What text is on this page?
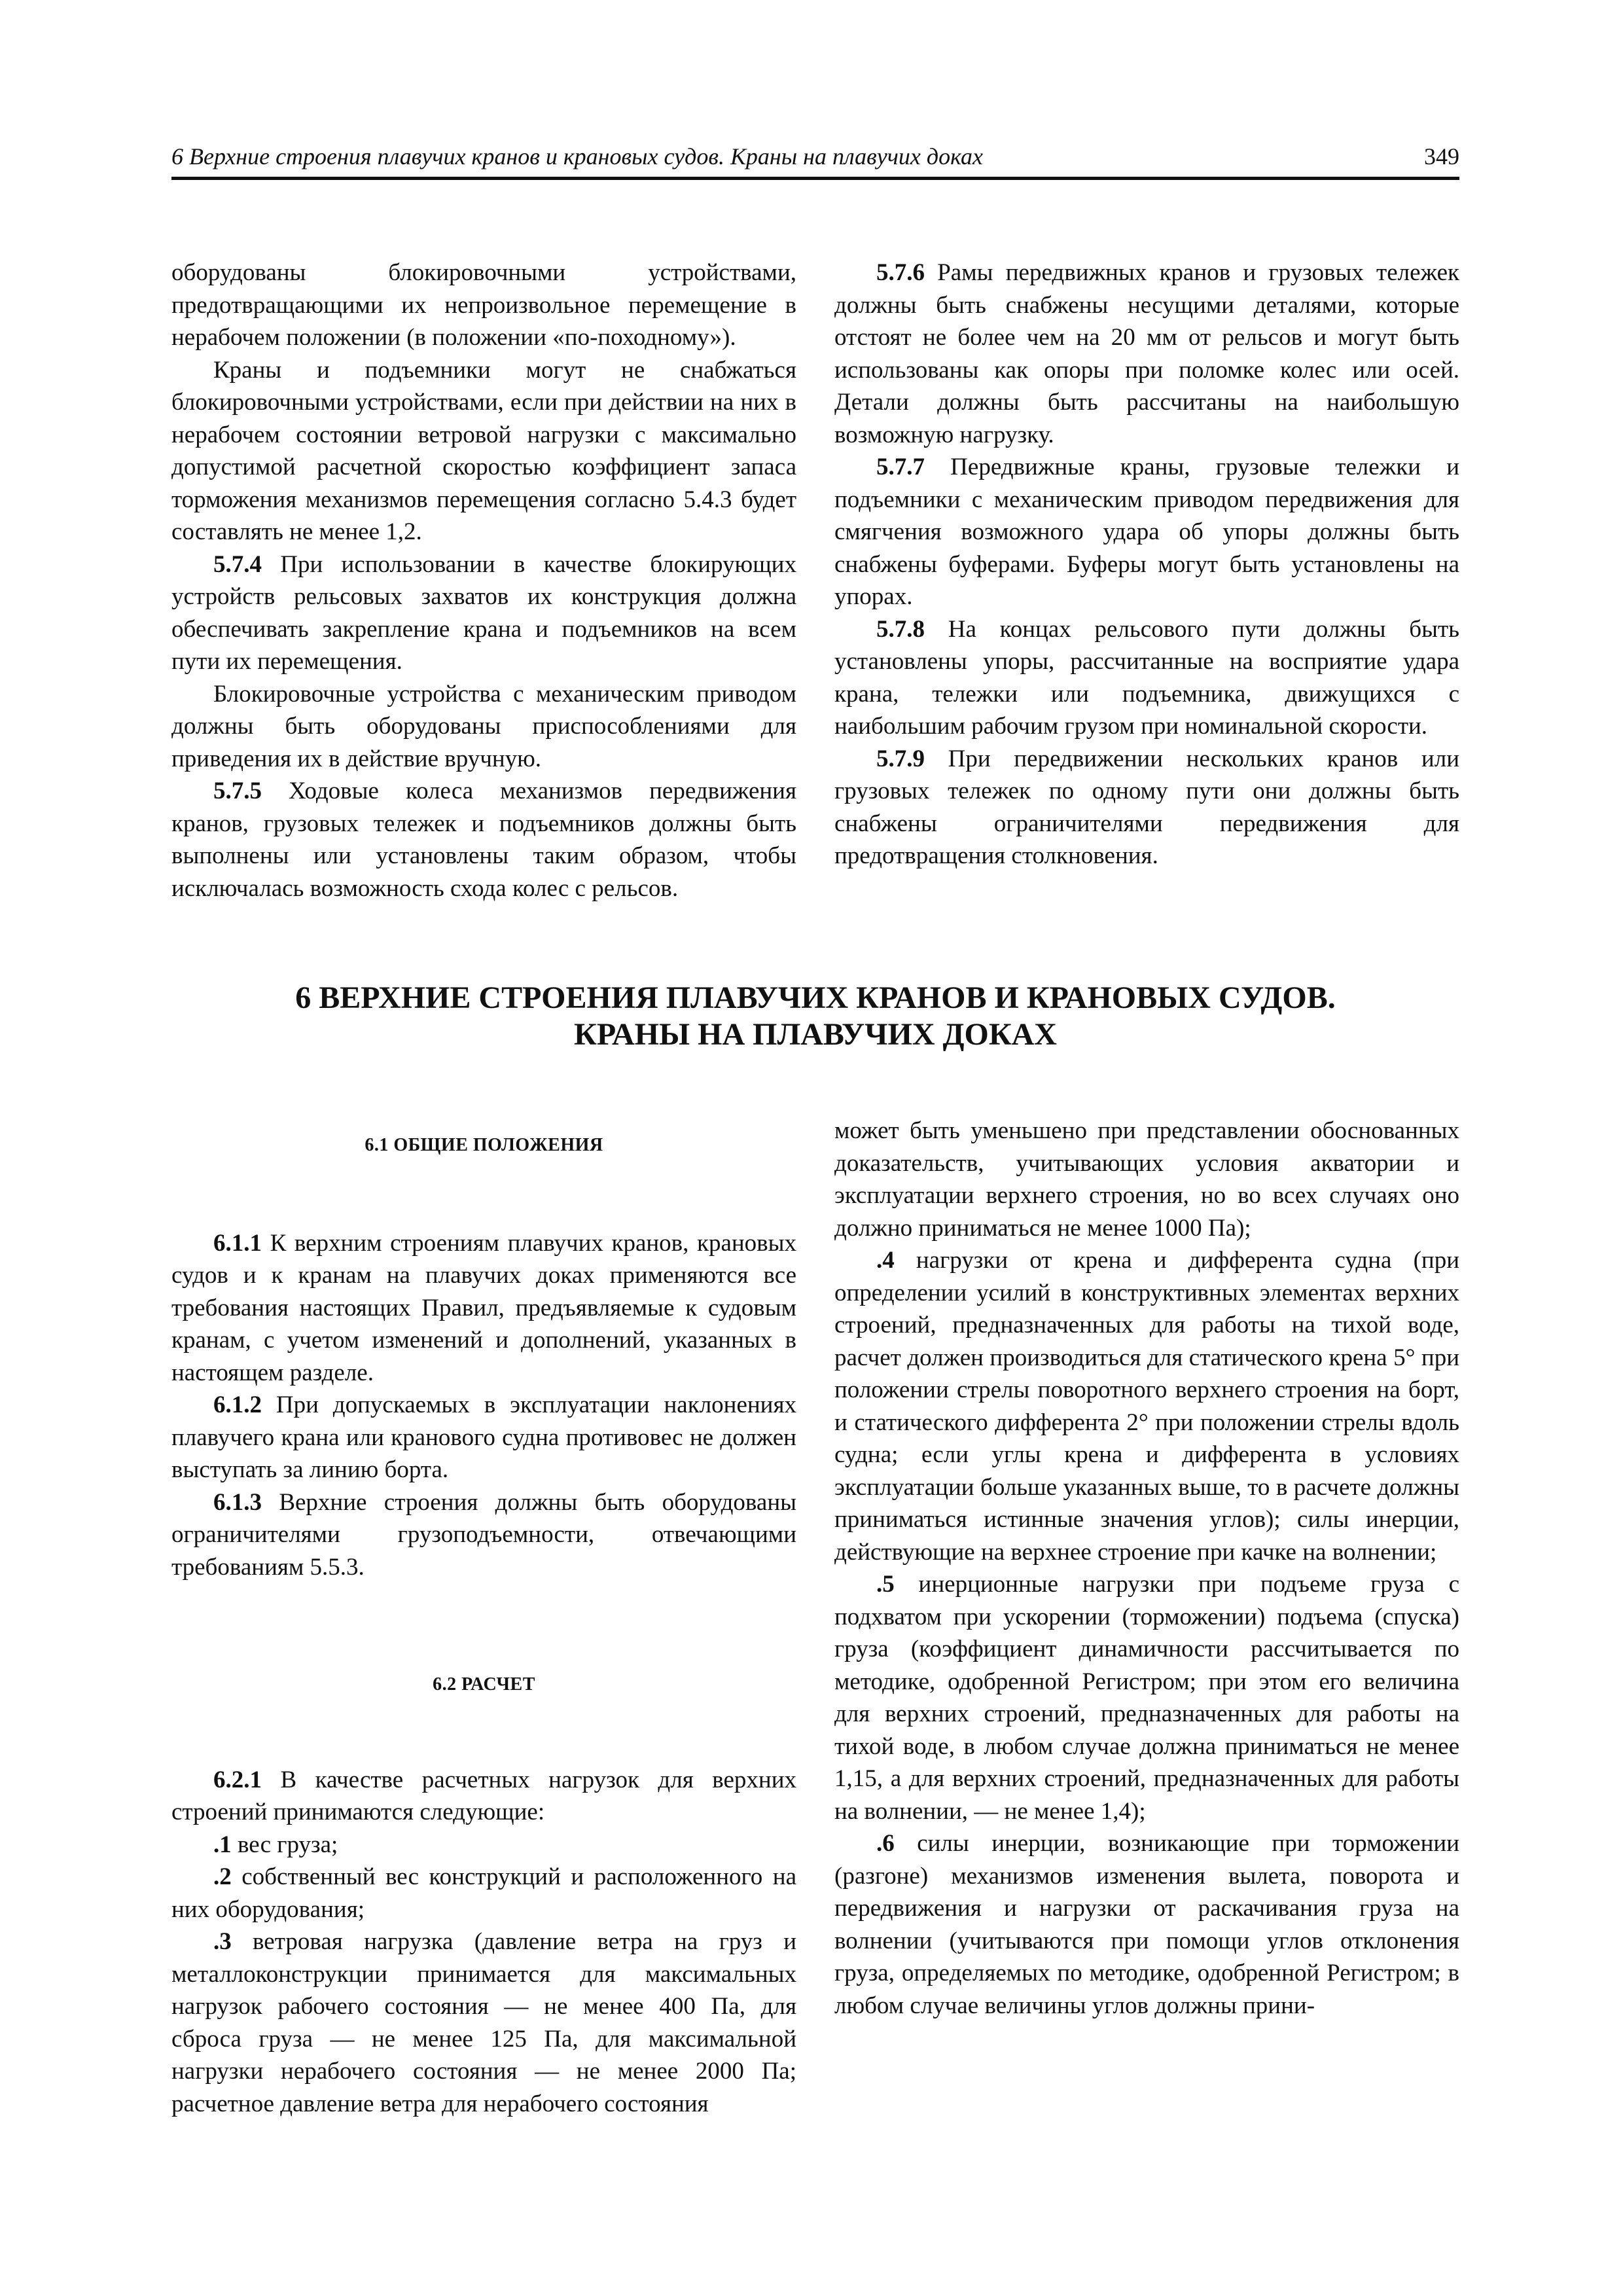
6 Верхние строения плавучих кранов и крановых судов. Краны на плавучих доках	349

оборудованы блокировочными устройствами, предотвращающими их непроизвольное перемещение в нерабочем положении (в положении «по-походному»).

Краны и подъемники могут не снабжаться блокировочными устройствами, если при действии на них в нерабочем состоянии ветровой нагрузки с максимально допустимой расчетной скоростью коэффициент запаса торможения механизмов перемещения согласно 5.4.3 будет составлять не менее 1,2.

5.7.4 При использовании в качестве блокирующих устройств рельсовых захватов их конструкция должна обеспечивать закрепление крана и подъемников на всем пути их перемещения.

Блокировочные устройства с механическим приводом должны быть оборудованы приспособлениями для приведения их в действие вручную.

5.7.5 Ходовые колеса механизмов передвижения кранов, грузовых тележек и подъемников должны быть выполнены или установлены таким образом, чтобы исключалась возможность схода колес с рельсов.

5.7.6 Рамы передвижных кранов и грузовых тележек должны быть снабжены несущими деталями, которые отстоят не более чем на 20 мм от рельсов и могут быть использованы как опоры при поломке колес или осей. Детали должны быть рассчитаны на наибольшую возможную нагрузку.

5.7.7 Передвижные краны, грузовые тележки и подъемники с механическим приводом передвижения для смягчения возможного удара об упоры должны быть снабжены буферами. Буферы могут быть установлены на упорах.

5.7.8 На концах рельсового пути должны быть установлены упоры, рассчитанные на восприятие удара крана, тележки или подъемника, движущихся с наибольшим рабочим грузом при номинальной скорости.

5.7.9 При передвижении нескольких кранов или грузовых тележек по одному пути они должны быть снабжены ограничителями передвижения для предотвращения столкновения.

6 ВЕРХНИЕ СТРОЕНИЯ ПЛАВУЧИХ КРАНОВ И КРАНОВЫХ СУДОВ.
КРАНЫ НА ПЛАВУЧИХ ДОКАХ
6.1 ОБЩИЕ ПОЛОЖЕНИЯ

6.1.1 К верхним строениям плавучих кранов, крановых судов и к кранам на плавучих доках применяются все требования настоящих Правил, предъявляемые к судовым кранам, с учетом изменений и дополнений, указанных в настоящем разделе.

6.1.2 При допускаемых в эксплуатации наклонениях плавучего крана или кранового судна противовес не должен выступать за линию борта.

6.1.3 Верхние строения должны быть оборудованы ограничителями грузоподъемности, отвечающими требованиям 5.5.3.

6.2 РАСЧЕТ

6.2.1 В качестве расчетных нагрузок для верхних строений принимаются следующие:

.1 вес груза;

.2 собственный вес конструкций и расположенного на них оборудования;

.3 ветровая нагрузка (давление ветра на груз и металлоконструкции принимается для максимальных нагрузок рабочего состояния — не менее 400 Па, для сброса груза — не менее 125 Па, для максимальной нагрузки нерабочего состояния — не менее 2000 Па; расчетное давление ветра для нерабочего состояния

может быть уменьшено при представлении обоснованных доказательств, учитывающих условия акватории и эксплуатации верхнего строения, но во всех случаях оно должно приниматься не менее 1000 Па);

.4 нагрузки от крена и дифферента судна (при определении усилий в конструктивных элементах верхних строений, предназначенных для работы на тихой воде, расчет должен производиться для статического крена 5° при положении стрелы поворотного верхнего строения на борт, и статического дифферента 2° при положении стрелы вдоль судна; если углы крена и дифферента в условиях эксплуатации больше указанных выше, то в расчете должны приниматься истинные значения углов); силы инерции, действующие на верхнее строение при качке на волнении;

.5 инерционные нагрузки при подъеме груза с подхватом при ускорении (торможении) подъема (спуска) груза (коэффициент динамичности рассчитывается по методике, одобренной Регистром; при этом его величина для верхних строений, предназначенных для работы на тихой воде, в любом случае должна приниматься не менее 1,15, а для верхних строений, предназначенных для работы на волнении, — не менее 1,4);

.6 силы инерции, возникающие при торможении (разгоне) механизмов изменения вылета, поворота и передвижения и нагрузки от раскачивания груза на волнении (учитываются при помощи углов отклонения груза, определяемых по методике, одобренной Регистром; в любом случае величины углов должны прини-
